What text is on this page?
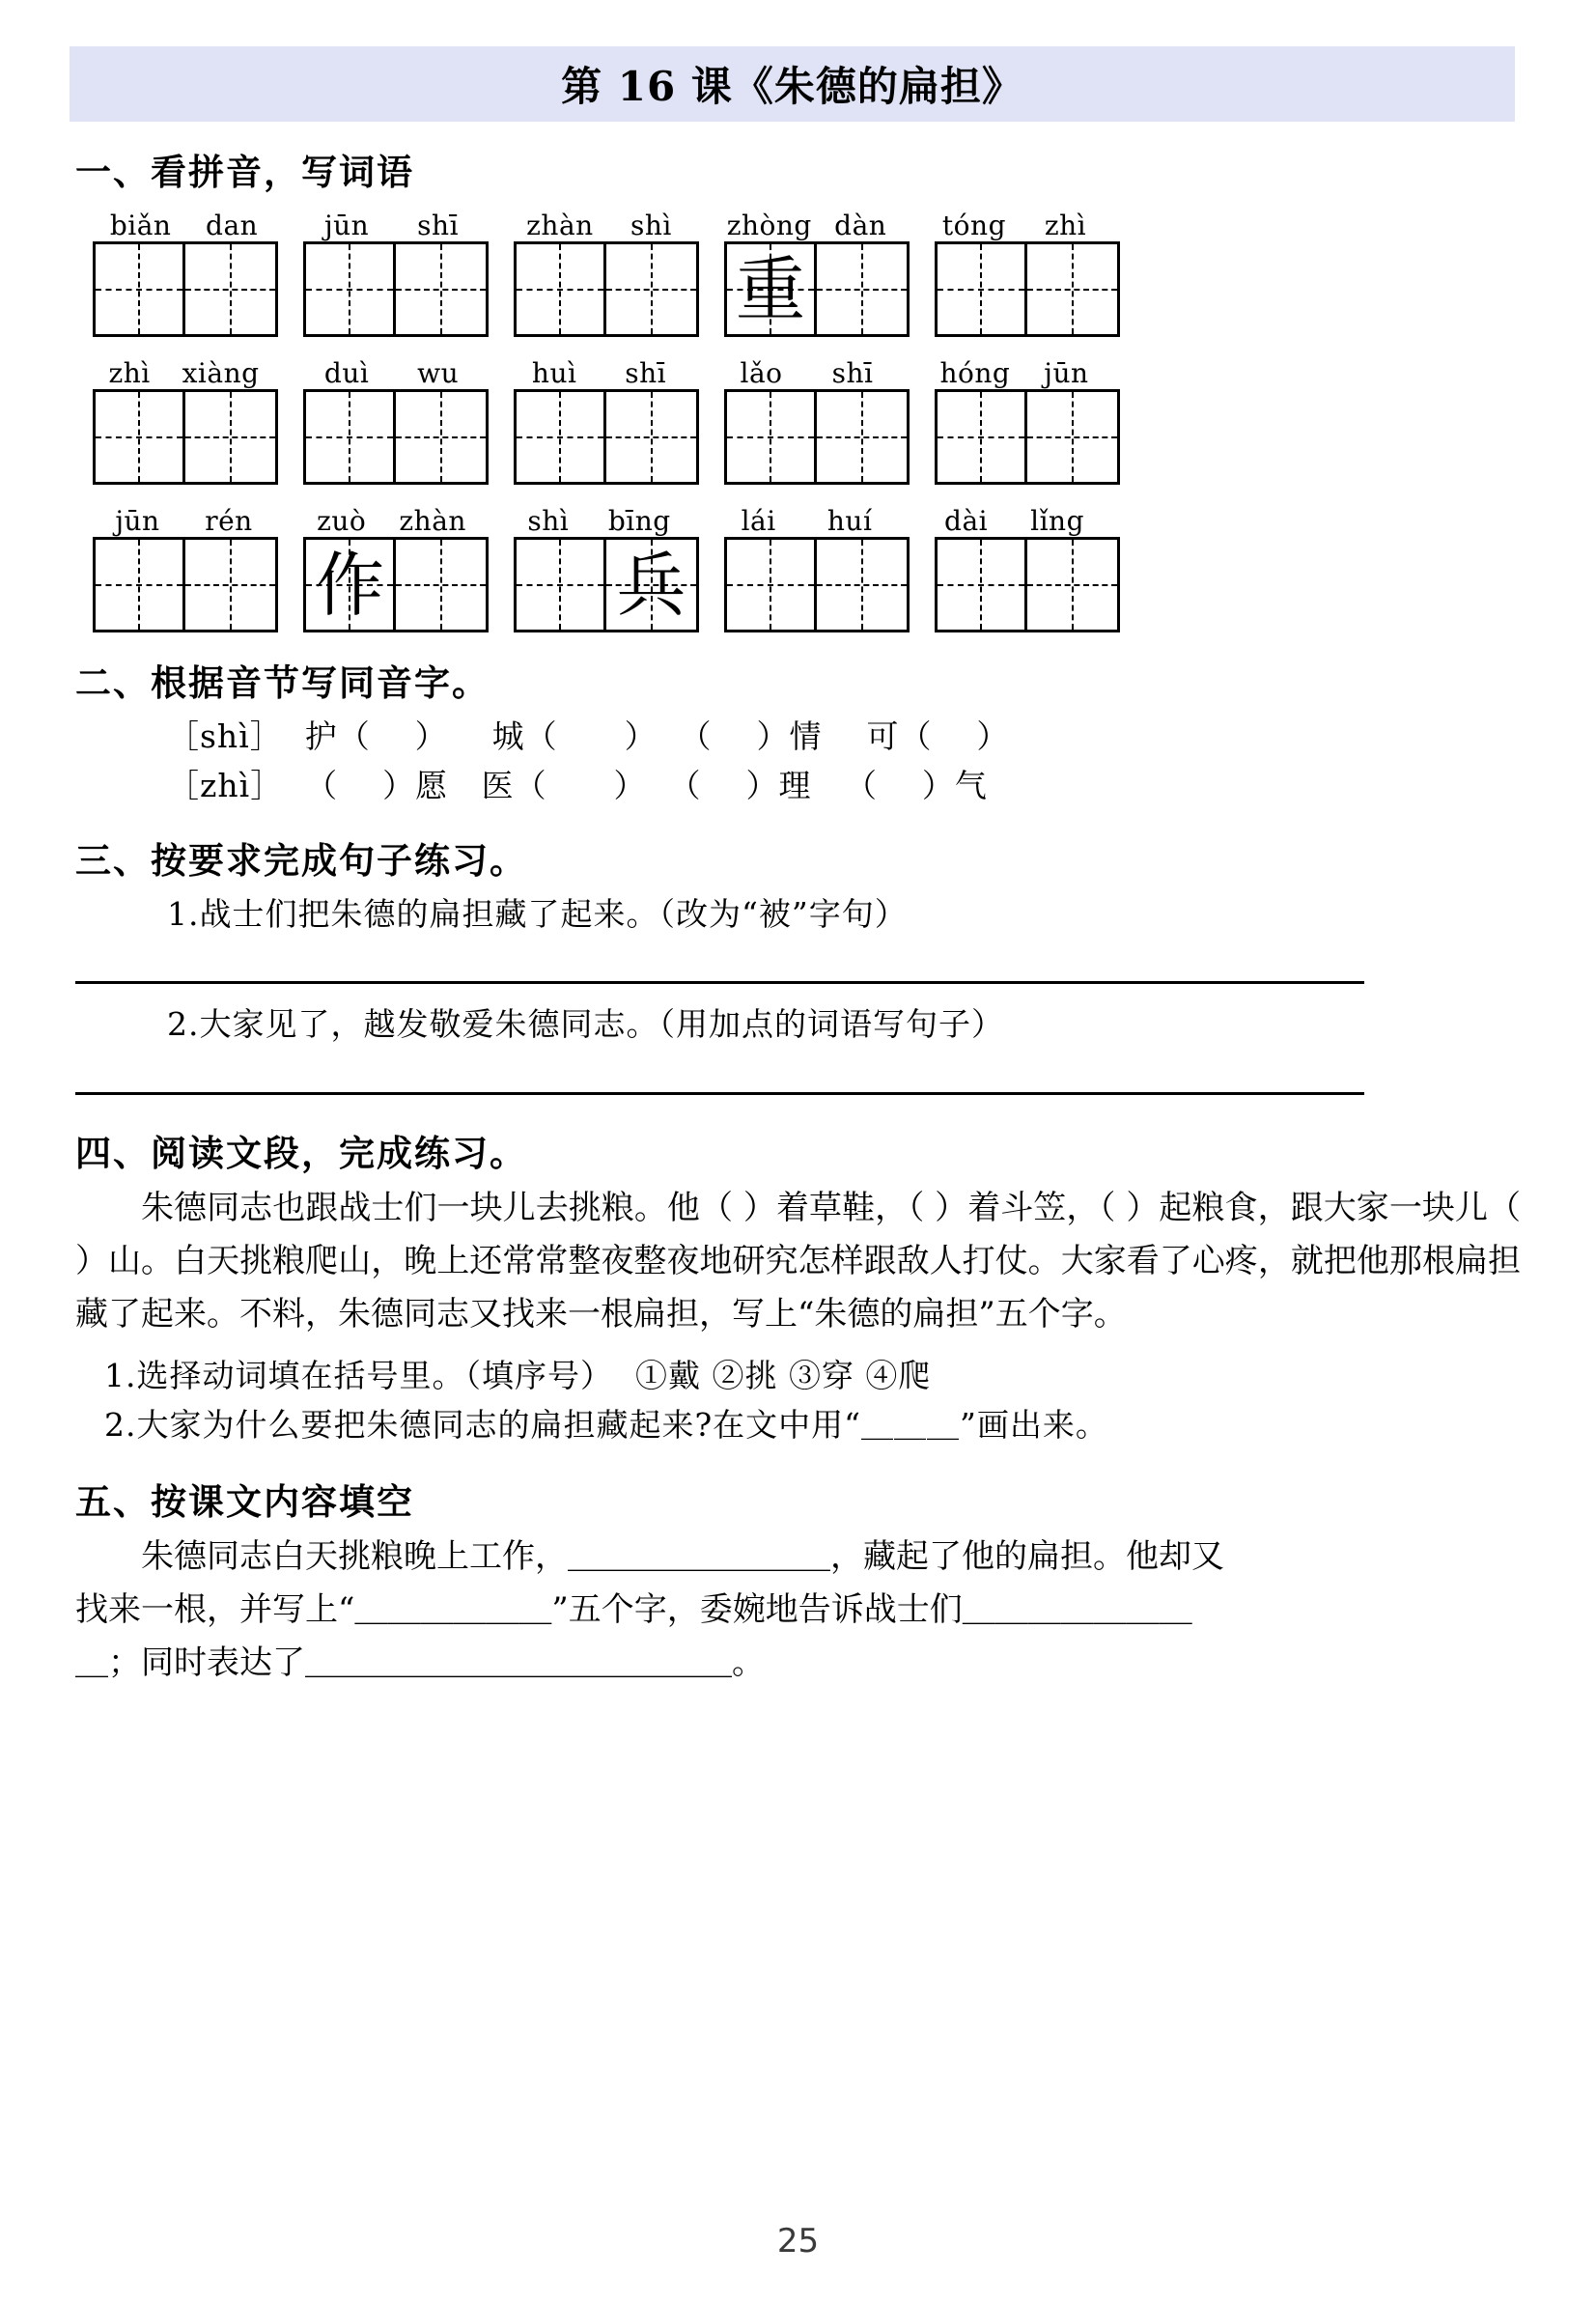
第 16 课《朱德的扁担》
一、看拼音，写词语
biǎn	dan	jūn	shī	zhàn	shì	zhòng dàn	tóng	zhì
重
zhì	xiàng	duì	wu	huì	shī	lǎo	shī	hóng	jūn
jūn	rén	zuò	zhàn	shì	bīng	lái	huí	dài	lǐng
作	兵
二、根据音节写同音字。
［shì］  护（    ）    城（      ）  （    ）情    可（    ）
［zhì］  （    ）愿   医（      ）  （    ）理   （    ）气
三、按要求完成句子练习。
1.战士们把朱德的扁担藏了起来。（改为“被”字句）
2.大家见了，越发敬爱朱德同志。（用加点的词语写句子）
四、阅读文段，完成练习。
朱德同志也跟战士们一块儿去挑粮。他（ ）着草鞋，（ ）着斗笠，（ ）起粮食，跟大家一块儿（ ）山。白天挑粮爬山，晚上还常常整夜整夜地研究怎样跟敌人打仗。大家看了心疼，就把他那根扁担藏了起来。不料，朱德同志又找来一根扁担，写上“朱德的扁担”五个字。
1.选择动词填在括号里。（填序号）  ①戴 ②挑 ③穿 ④爬
2.大家为什么要把朱德同志的扁担藏起来?在文中用“＿＿＿”画出来。
五、按课文内容填空
朱德同志白天挑粮晚上工作，＿＿＿＿＿＿＿＿，藏起了他的扁担。他却又
找来一根，并写上“＿＿＿＿＿＿”五个字，委婉地告诉战士们＿＿＿＿＿＿＿
＿；同时表达了＿＿＿＿＿＿＿＿＿＿＿＿＿。
25
